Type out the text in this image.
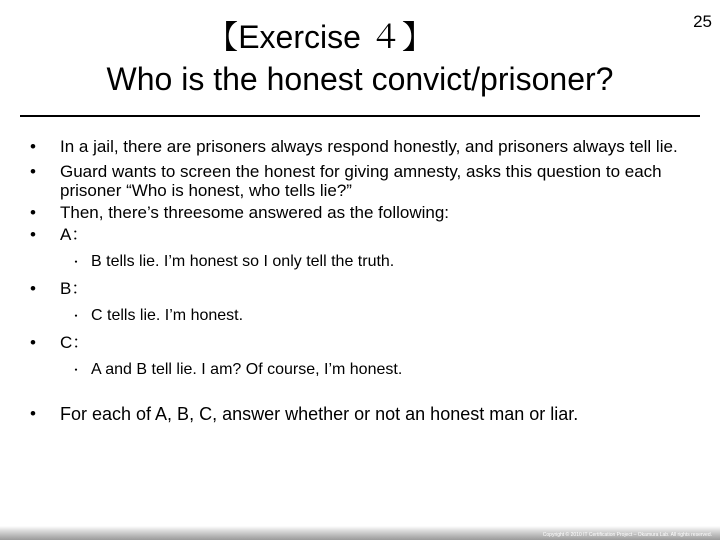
25
【Exercise ４】
Who is the honest convict/prisoner?
• In a jail, there are prisoners always respond honestly, and prisoners always tell lie.
• Guard wants to screen the honest for giving amnesty, asks this question to each prisoner “Who is honest, who tells lie?”
• Then, there’s threesome answered as the following:
• A：
・ B tells lie. I’m honest so I only tell the truth.
• B：
・ C tells lie. I’m honest.
• C：
・ A and B tell lie. I am? Of course, I’m honest.
• For each of A, B, C, answer whether or not an honest man or liar.
Copyright © 2010 IT Certification Project – Okamura Lab. All rights reserved.
